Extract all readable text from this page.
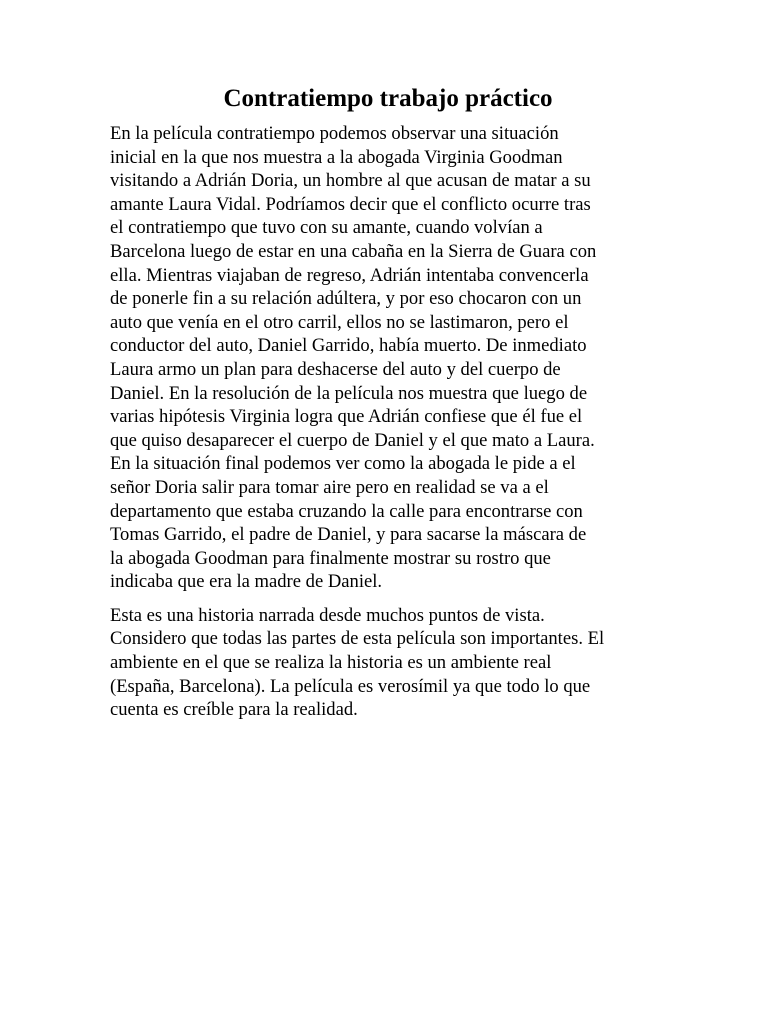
Contratiempo trabajo práctico

En la película contratiempo podemos observar una situación
inicial en la que nos muestra a la abogada Virginia Goodman
visitando a Adrián Doria, un hombre al que acusan de matar a su
amante Laura Vidal. Podríamos decir que el conflicto ocurre tras
el contratiempo que tuvo con su amante, cuando volvían a
Barcelona luego de estar en una cabaña en la Sierra de Guara con
ella. Mientras viajaban de regreso, Adrián intentaba convencerla
de ponerle fin a su relación adúltera, y por eso chocaron con un
auto que venía en el otro carril, ellos no se lastimaron, pero el
conductor del auto, Daniel Garrido, había muerto. De inmediato
Laura armo un plan para deshacerse del auto y del cuerpo de
Daniel. En la resolución de la película nos muestra que luego de
varias hipótesis Virginia logra que Adrián confiese que él fue el
que quiso desaparecer el cuerpo de Daniel y el que mato a Laura.
En la situación final podemos ver como la abogada le pide a el
señor Doria salir para tomar aire pero en realidad se va a el
departamento que estaba cruzando la calle para encontrarse con
Tomas Garrido, el padre de Daniel, y para sacarse la máscara de
la abogada Goodman para finalmente mostrar su rostro que
indicaba que era la madre de Daniel.

Esta es una historia narrada desde muchos puntos de vista.
Considero que todas las partes de esta película son importantes. El
ambiente en el que se realiza la historia es un ambiente real
(España, Barcelona). La película es verosímil ya que todo lo que
cuenta es creíble para la realidad.
